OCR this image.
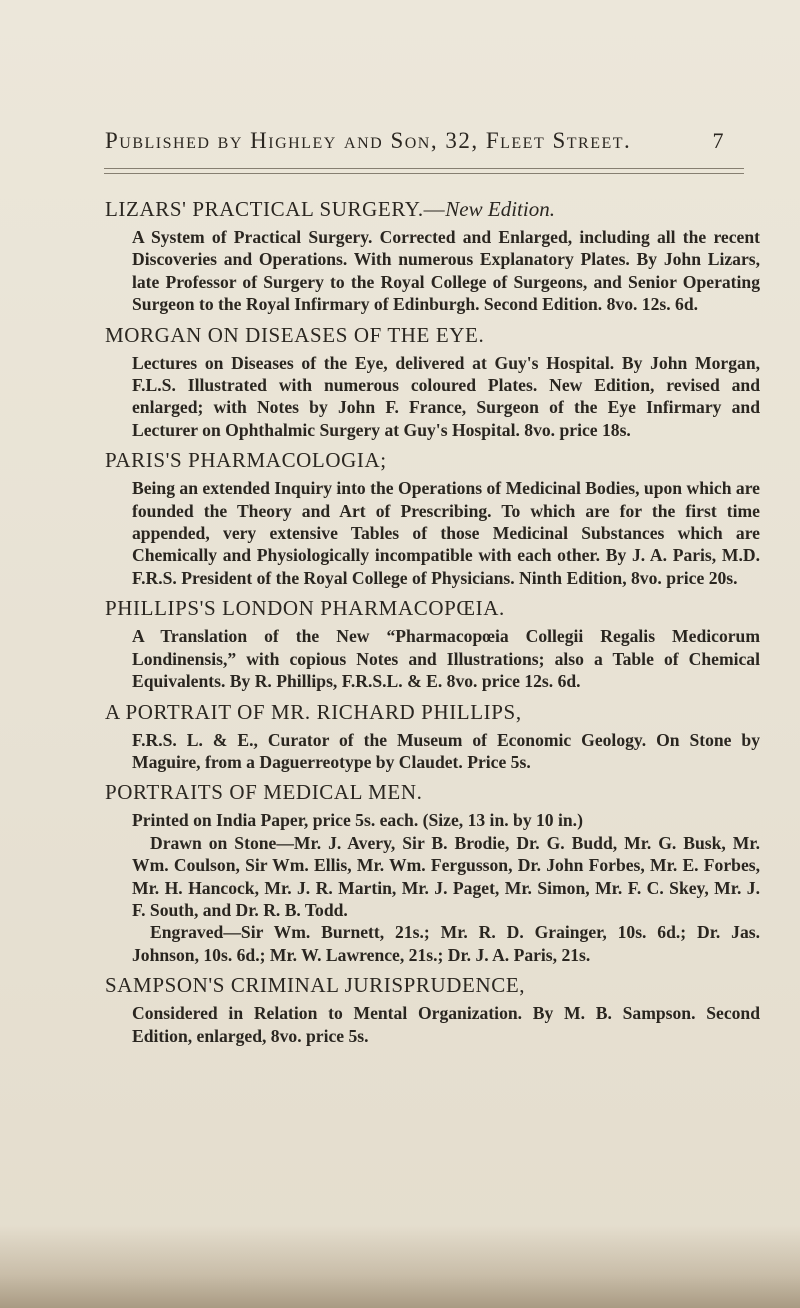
Published by Highley and Son, 32, Fleet Street.	7
LIZARS' PRACTICAL SURGERY.—New Edition.

A System of Practical Surgery. Corrected and Enlarged, including all the recent Discoveries and Operations. With numerous Explanatory Plates. By John Lizars, late Professor of Surgery to the Royal College of Surgeons, and Senior Operating Surgeon to the Royal Infirmary of Edinburgh. Second Edition. 8vo. 12s. 6d.

MORGAN ON DISEASES OF THE EYE.

Lectures on Diseases of the Eye, delivered at Guy's Hospital. By John Morgan, F.L.S. Illustrated with numerous coloured Plates. New Edition, revised and enlarged; with Notes by John F. France, Surgeon of the Eye Infirmary and Lecturer on Ophthalmic Surgery at Guy's Hospital. 8vo. price 18s.

PARIS'S PHARMACOLOGIA;

Being an extended Inquiry into the Operations of Medicinal Bodies, upon which are founded the Theory and Art of Prescribing. To which are for the first time appended, very extensive Tables of those Medicinal Substances which are Chemically and Physiologically incompatible with each other. By J. A. Paris, M.D. F.R.S. President of the Royal College of Physicians. Ninth Edition, 8vo. price 20s.

PHILLIPS'S LONDON PHARMACOPŒIA.

A Translation of the New “Pharmacopœia Collegii Regalis Medicorum Londinensis,” with copious Notes and Illustrations; also a Table of Chemical Equivalents. By R. Phillips, F.R.S.L. & E. 8vo. price 12s. 6d.

A PORTRAIT OF MR. RICHARD PHILLIPS,

F.R.S. L. & E., Curator of the Museum of Economic Geology. On Stone by Maguire, from a Daguerreotype by Claudet. Price 5s.

PORTRAITS OF MEDICAL MEN.

Printed on India Paper, price 5s. each. (Size, 13 in. by 10 in.)

Drawn on Stone—Mr. J. Avery, Sir B. Brodie, Dr. G. Budd, Mr. G. Busk, Mr. Wm. Coulson, Sir Wm. Ellis, Mr. Wm. Fergusson, Dr. John Forbes, Mr. E. Forbes, Mr. H. Hancock, Mr. J. R. Martin, Mr. J. Paget, Mr. Simon, Mr. F. C. Skey, Mr. J. F. South, and Dr. R. B. Todd.

Engraved—Sir Wm. Burnett, 21s.; Mr. R. D. Grainger, 10s. 6d.; Dr. Jas. Johnson, 10s. 6d.; Mr. W. Lawrence, 21s.; Dr. J. A. Paris, 21s.

SAMPSON'S CRIMINAL JURISPRUDENCE,

Considered in Relation to Mental Organization. By M. B. Sampson. Second Edition, enlarged, 8vo. price 5s.
